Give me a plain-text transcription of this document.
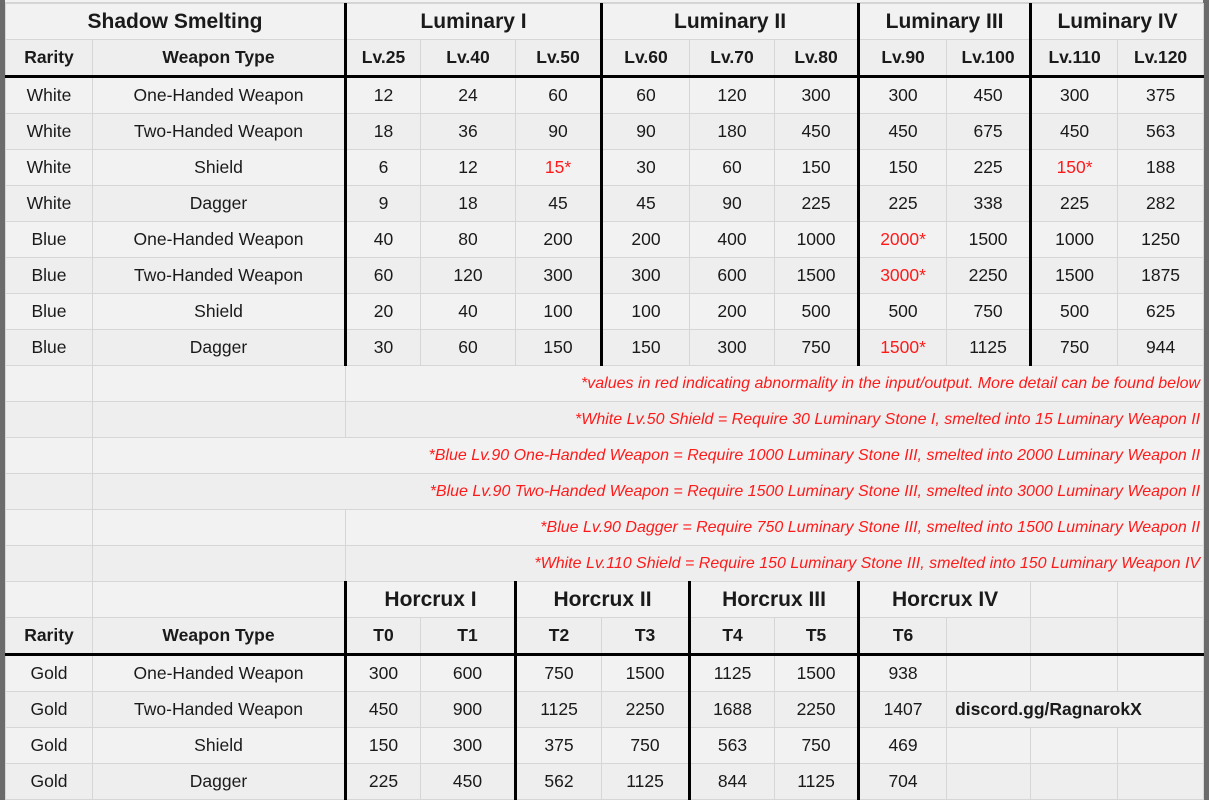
Shadow Smelting		Luminary I			Luminary II			Luminary III		Luminary IV	
Rarity	Weapon Type	Lv.25	Lv.40	Lv.50	Lv.60	Lv.70	Lv.80	Lv.90	Lv.100	Lv.110	Lv.120
White	One-Handed Weapon	12	24	60	60	120	300	300	450	300	375
White	Two-Handed Weapon	18	36	90	90	180	450	450	675	450	563
White	Shield	6	12	15*	30	60	150	150	225	150*	188
White	Dagger	9	18	45	45	90	225	225	338	225	282
Blue	One-Handed Weapon	40	80	200	200	400	1000	2000*	1500	1000	1250
Blue	Two-Handed Weapon	60	120	300	300	600	1500	3000*	2250	1500	1875
Blue	Shield	20	40	100	100	200	500	500	750	500	625
Blue	Dagger	30	60	150	150	300	750	1500*	1125	750	944
		*values in red indicating abnormality in the input/output. More detail can be found below									
		*White Lv.50 Shield = Require 30 Luminary Stone I, smelted into 15 Luminary Weapon II									
	*Blue Lv.90 One-Handed Weapon = Require 1000 Luminary Stone III, smelted into 2000 Luminary Weapon II										
	*Blue Lv.90 Two-Handed Weapon = Require 1500 Luminary Stone III, smelted into 3000 Luminary Weapon II										
		*Blue Lv.90 Dagger = Require 750 Luminary Stone III, smelted into 1500 Luminary Weapon II									
		*White Lv.110 Shield = Require 150 Luminary Stone III, smelted into 150 Luminary Weapon IV									
		Horcrux I		Horcrux II		Horcrux III		Horcrux IV			
Rarity	Weapon Type	T0	T1	T2	T3	T4	T5	T6			
Gold	One-Handed Weapon	300	600	750	1500	1125	1500	938			
Gold	Two-Handed Weapon	450	900	1125	2250	1688	2250	1407	discord.gg/RagnarokX		
Gold	Shield	150	300	375	750	563	750	469			
Gold	Dagger	225	450	562	1125	844	1125	704			
